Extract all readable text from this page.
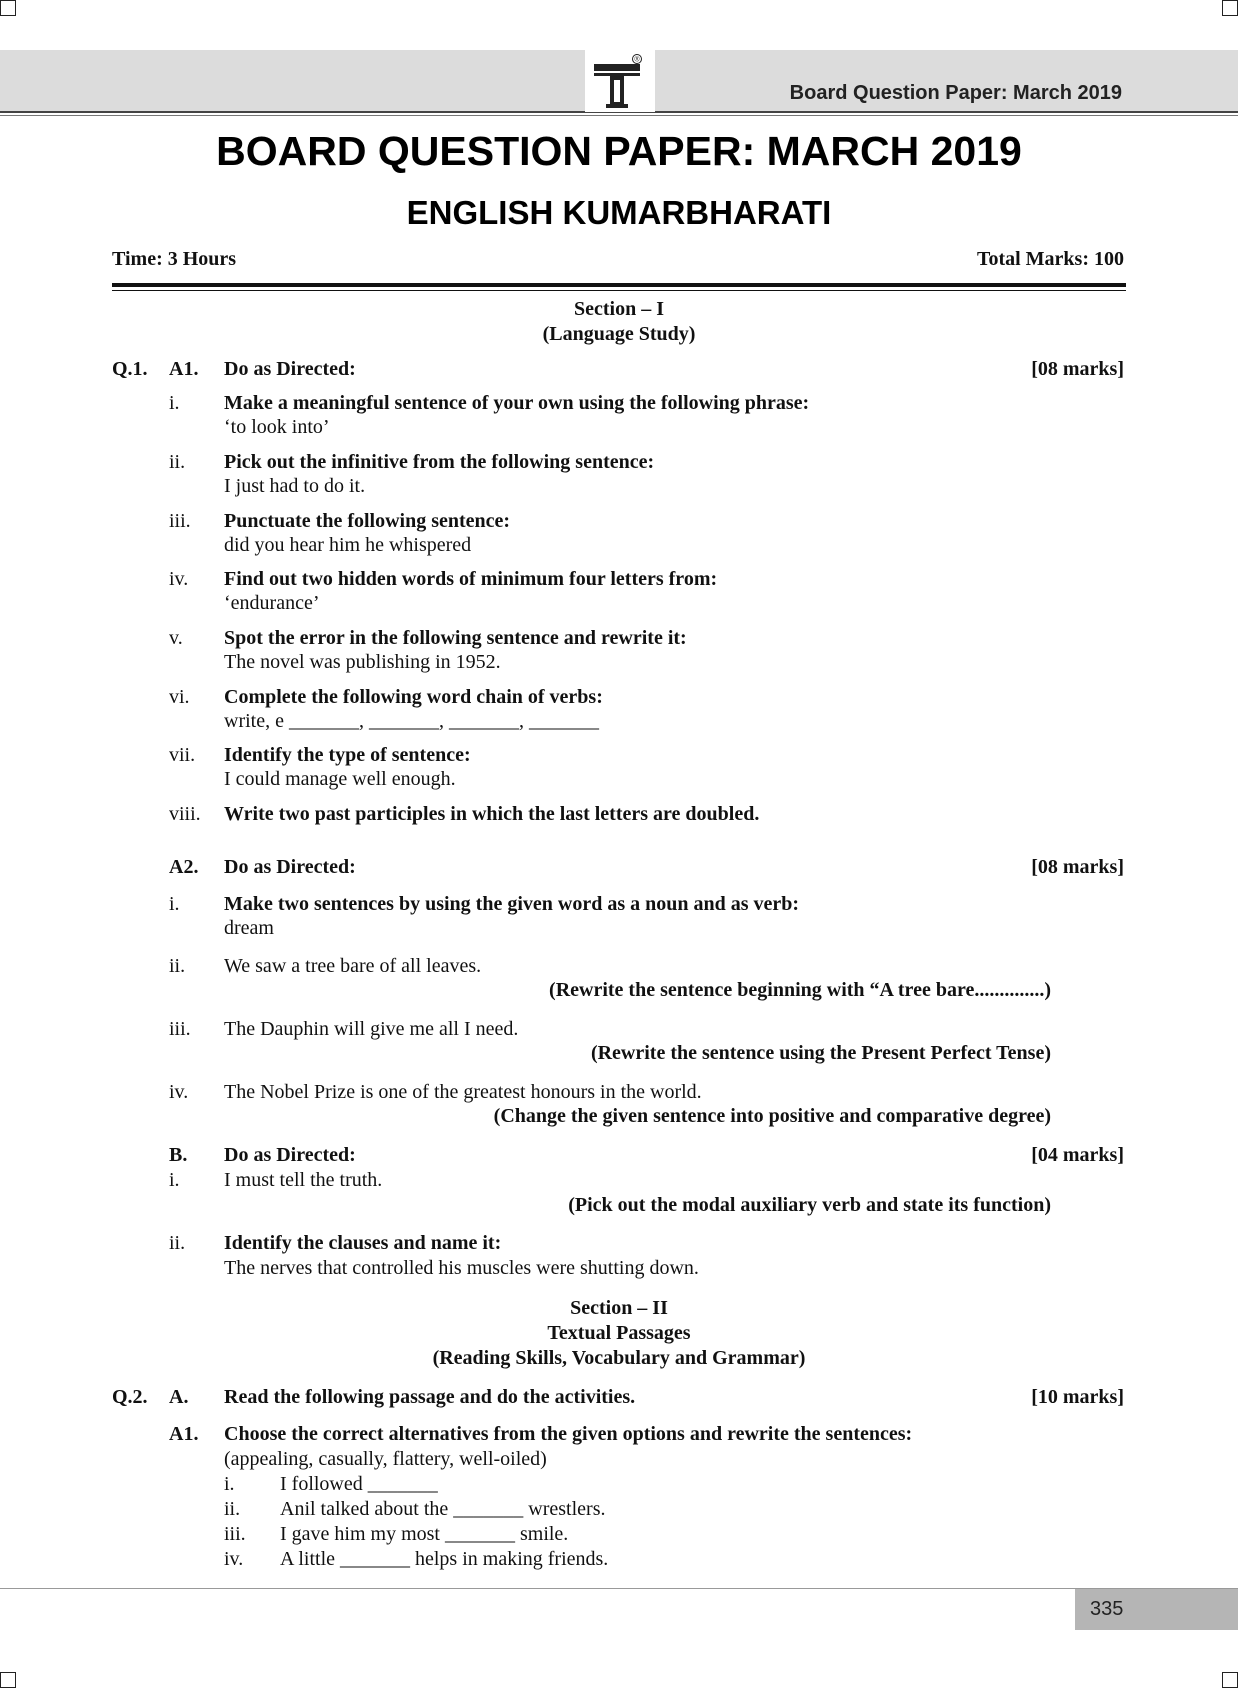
®
Board Question Paper: March 2019
BOARD QUESTION PAPER: MARCH 2019
ENGLISH KUMARBHARATI
Time: 3 Hours	Total Marks: 100
Section – I
(Language Study)
Q.1. A1. Do as Directed:	[08 marks]
i. Make a meaningful sentence of your own using the following phrase:
‘to look into’
ii. Pick out the infinitive from the following sentence:
I just had to do it.
iii. Punctuate the following sentence:
did you hear him he whispered
iv. Find out two hidden words of minimum four letters from:
‘endurance’
v. Spot the error in the following sentence and rewrite it:
The novel was publishing in 1952.
vi. Complete the following word chain of verbs:
write, e _______, _______, _______, _______
vii. Identify the type of sentence:
I could manage well enough.
viii. Write two past participles in which the last letters are doubled.
A2. Do as Directed:	[08 marks]
i. Make two sentences by using the given word as a noun and as verb:
dream
ii. We saw a tree bare of all leaves.
(Rewrite the sentence beginning with “A tree bare..............)
iii. The Dauphin will give me all I need.
(Rewrite the sentence using the Present Perfect Tense)
iv. The Nobel Prize is one of the greatest honours in the world.
(Change the given sentence into positive and comparative degree)
B. Do as Directed:	[04 marks]
i. I must tell the truth.
(Pick out the modal auxiliary verb and state its function)
ii. Identify the clauses and name it:
The nerves that controlled his muscles were shutting down.
Section – II
Textual Passages
(Reading Skills, Vocabulary and Grammar)
Q.2. A. Read the following passage and do the activities.	[10 marks]
A1. Choose the correct alternatives from the given options and rewrite the sentences:
(appealing, casually, flattery, well-oiled)
i. I followed _______
ii. Anil talked about the _______ wrestlers.
iii. I gave him my most _______ smile.
iv. A little _______ helps in making friends.
335
